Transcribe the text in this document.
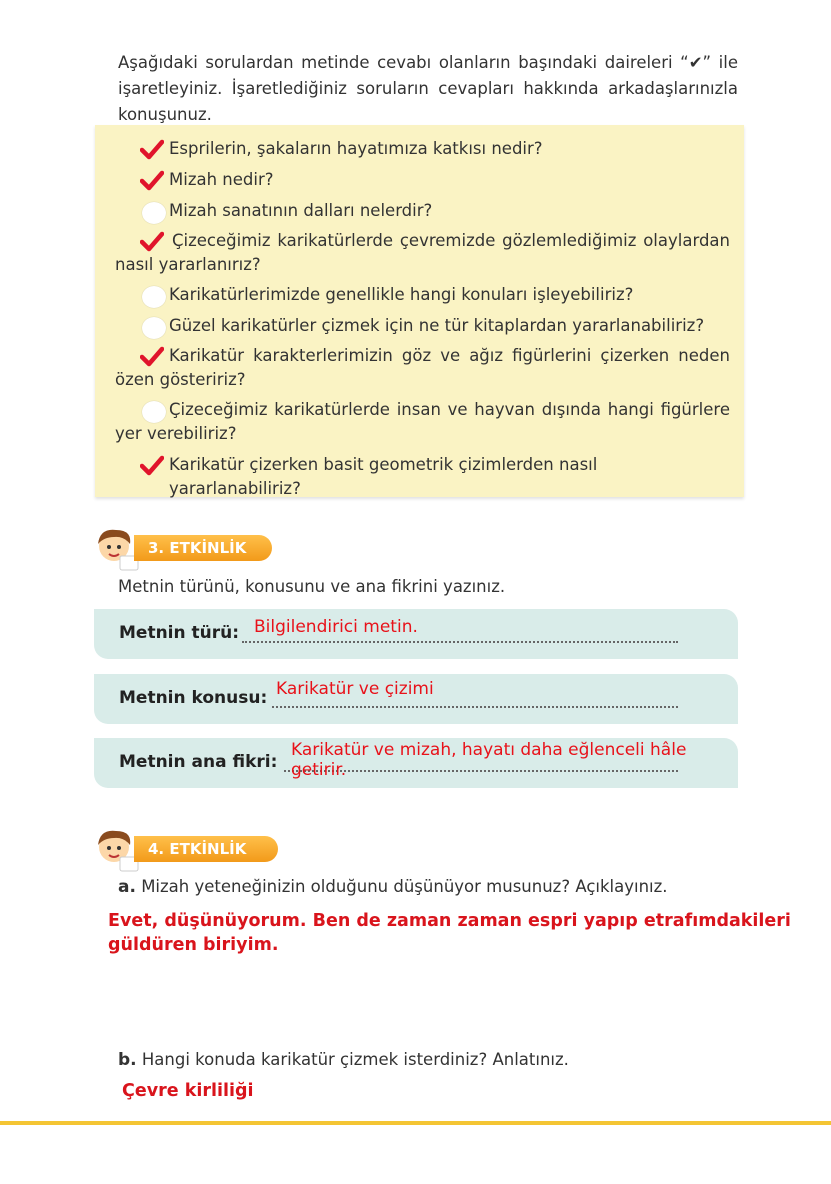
Aşağıdaki sorulardan metinde cevabı olanların başındaki daireleri “✔” ile işaretleyiniz. İşaretlediğiniz soruların cevapları hakkında arkadaşlarınızla konuşunuz.
Esprilerin, şakaların hayatımıza katkısı nedir?
Mizah nedir?
Mizah sanatının dalları nelerdir?
Çizeceğimiz karikatürlerde çevremizde gözlemlediğimiz olaylardan nasıl yararlanırız?
Karikatürlerimizde genellikle hangi konuları işleyebiliriz?
Güzel karikatürler çizmek için ne tür kitaplardan yararlanabiliriz?
Karikatür karakterlerimizin göz ve ağız figürlerini çizerken neden özen gösteririz?
Çizeceğimiz karikatürlerde insan ve hayvan dışında hangi figürlere yer verebiliriz?
Karikatür çizerken basit geometrik çizimlerden nasıl yararlanabiliriz?
3. ETKİNLİK
Metnin türünü, konusunu ve ana fikrini yazınız.
Metnin türü: Bilgilendirici metin.
Metnin konusu: Karikatür ve çizimi
Metnin ana fikri:
Karikatür ve mizah, hayatı daha eğlenceli hâle getirir.
4. ETKİNLİK
a. Mizah yeteneğinizin olduğunu düşünüyor musunuz? Açıklayınız.
Evet, düşünüyorum. Ben de zaman zaman espri yapıp etrafımdakileri güldüren biriyim.
b. Hangi konuda karikatür çizmek isterdiniz? Anlatınız.
Çevre kirliliği
